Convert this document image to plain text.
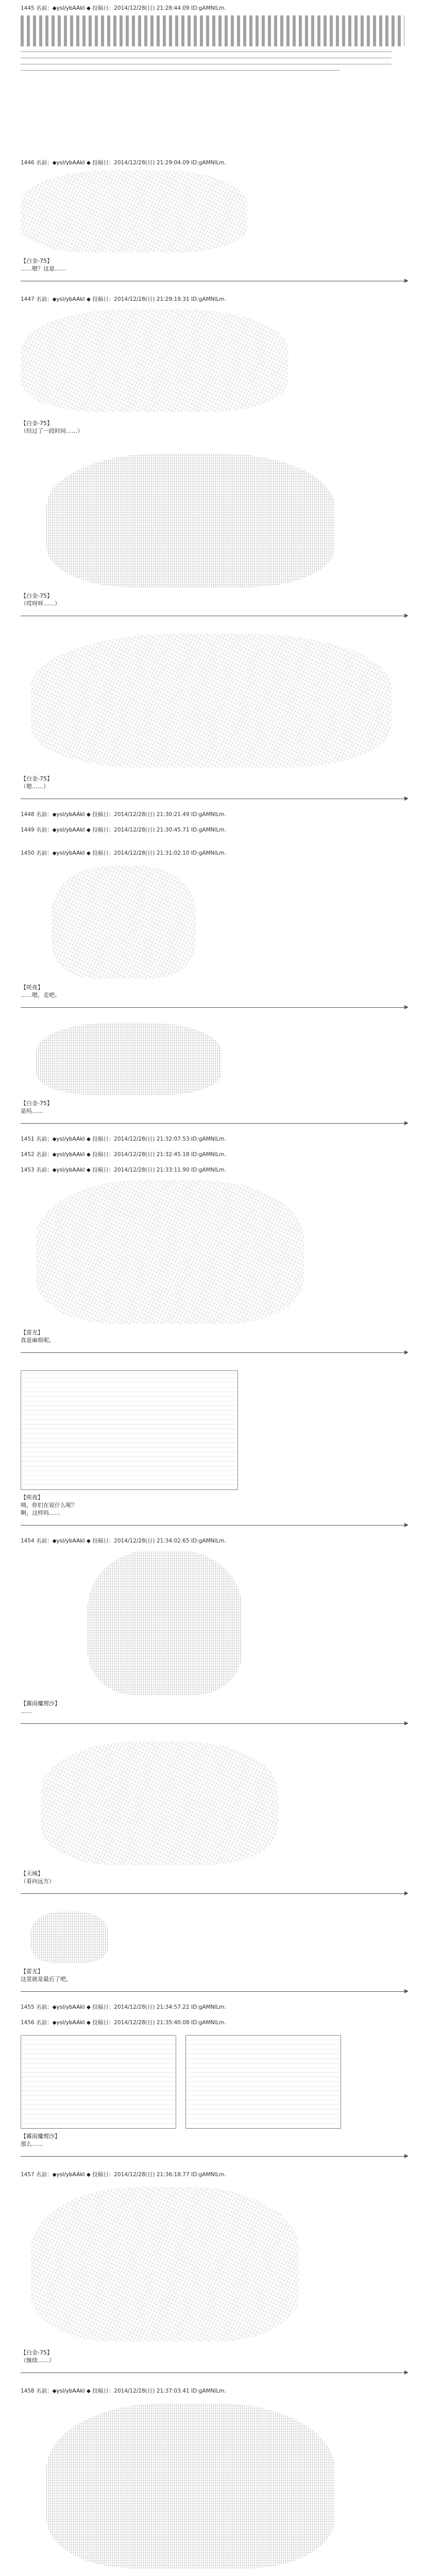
1445 名前：◆ysl/ybAAkI ◆ 投稿日：2014/12/28(日) 21:28:44.09 ID:gAMNlLm.
1446 名前：◆ysl/ybAAkI ◆ 投稿日：2014/12/28(日) 21:29:04.09 ID:gAMNlLm.
【白金-75】
……嗯？这是……
1447 名前：◆ysl/ybAAkI ◆ 投稿日：2014/12/28(日) 21:29:19.31 ID:gAMNlLm.
【白金-75】
（经过了一段时间……）
【白金-75】
（哎呀呀……）
【白金-75】
（嗯……）
1448 名前：◆ysl/ybAAkI ◆ 投稿日：2014/12/28(日) 21:30:21.49 ID:gAMNlLm.
1449 名前：◆ysl/ybAAkI ◆ 投稿日：2014/12/28(日) 21:30:45.71 ID:gAMNlLm.
1450 名前：◆ysl/ybAAkI ◆ 投稿日：2014/12/28(日) 21:31:02.10 ID:gAMNlLm.
【咲夜】
……嗯，走吧。
【白金-75】
是吗……
1451 名前：◆ysl/ybAAkI ◆ 投稿日：2014/12/28(日) 21:32:07.53 ID:gAMNlLm.
1452 名前：◆ysl/ybAAkI ◆ 投稿日：2014/12/28(日) 21:32:45.18 ID:gAMNlLm.
1453 名前：◆ysl/ybAAkI ◆ 投稿日：2014/12/28(日) 21:33:11.90 ID:gAMNlLm.
【雷光】
真是麻烦呢。
【咲夜】
咦，你们在说什么呢？
啊，这样吗……
1454 名前：◆ysl/ybAAkI ◆ 投稿日：2014/12/28(日) 21:34:02.65 ID:gAMNlLm.
【霧雨魔理沙】
……
【天城】
（看向远方）
【雷光】
这里就是最后了吧。
1455 名前：◆ysl/ybAAkI ◆ 投稿日：2014/12/28(日) 21:34:57.22 ID:gAMNlLm.
1456 名前：◆ysl/ybAAkI ◆ 投稿日：2014/12/28(日) 21:35:40.08 ID:gAMNlLm.
【霧雨魔理沙】
那么……
1457 名前：◆ysl/ybAAkI ◆ 投稿日：2014/12/28(日) 21:36:18.77 ID:gAMNlLm.
【白金-75】
（继续……）
1458 名前：◆ysl/ybAAkI ◆ 投稿日：2014/12/28(日) 21:37:03.41 ID:gAMNlLm.
